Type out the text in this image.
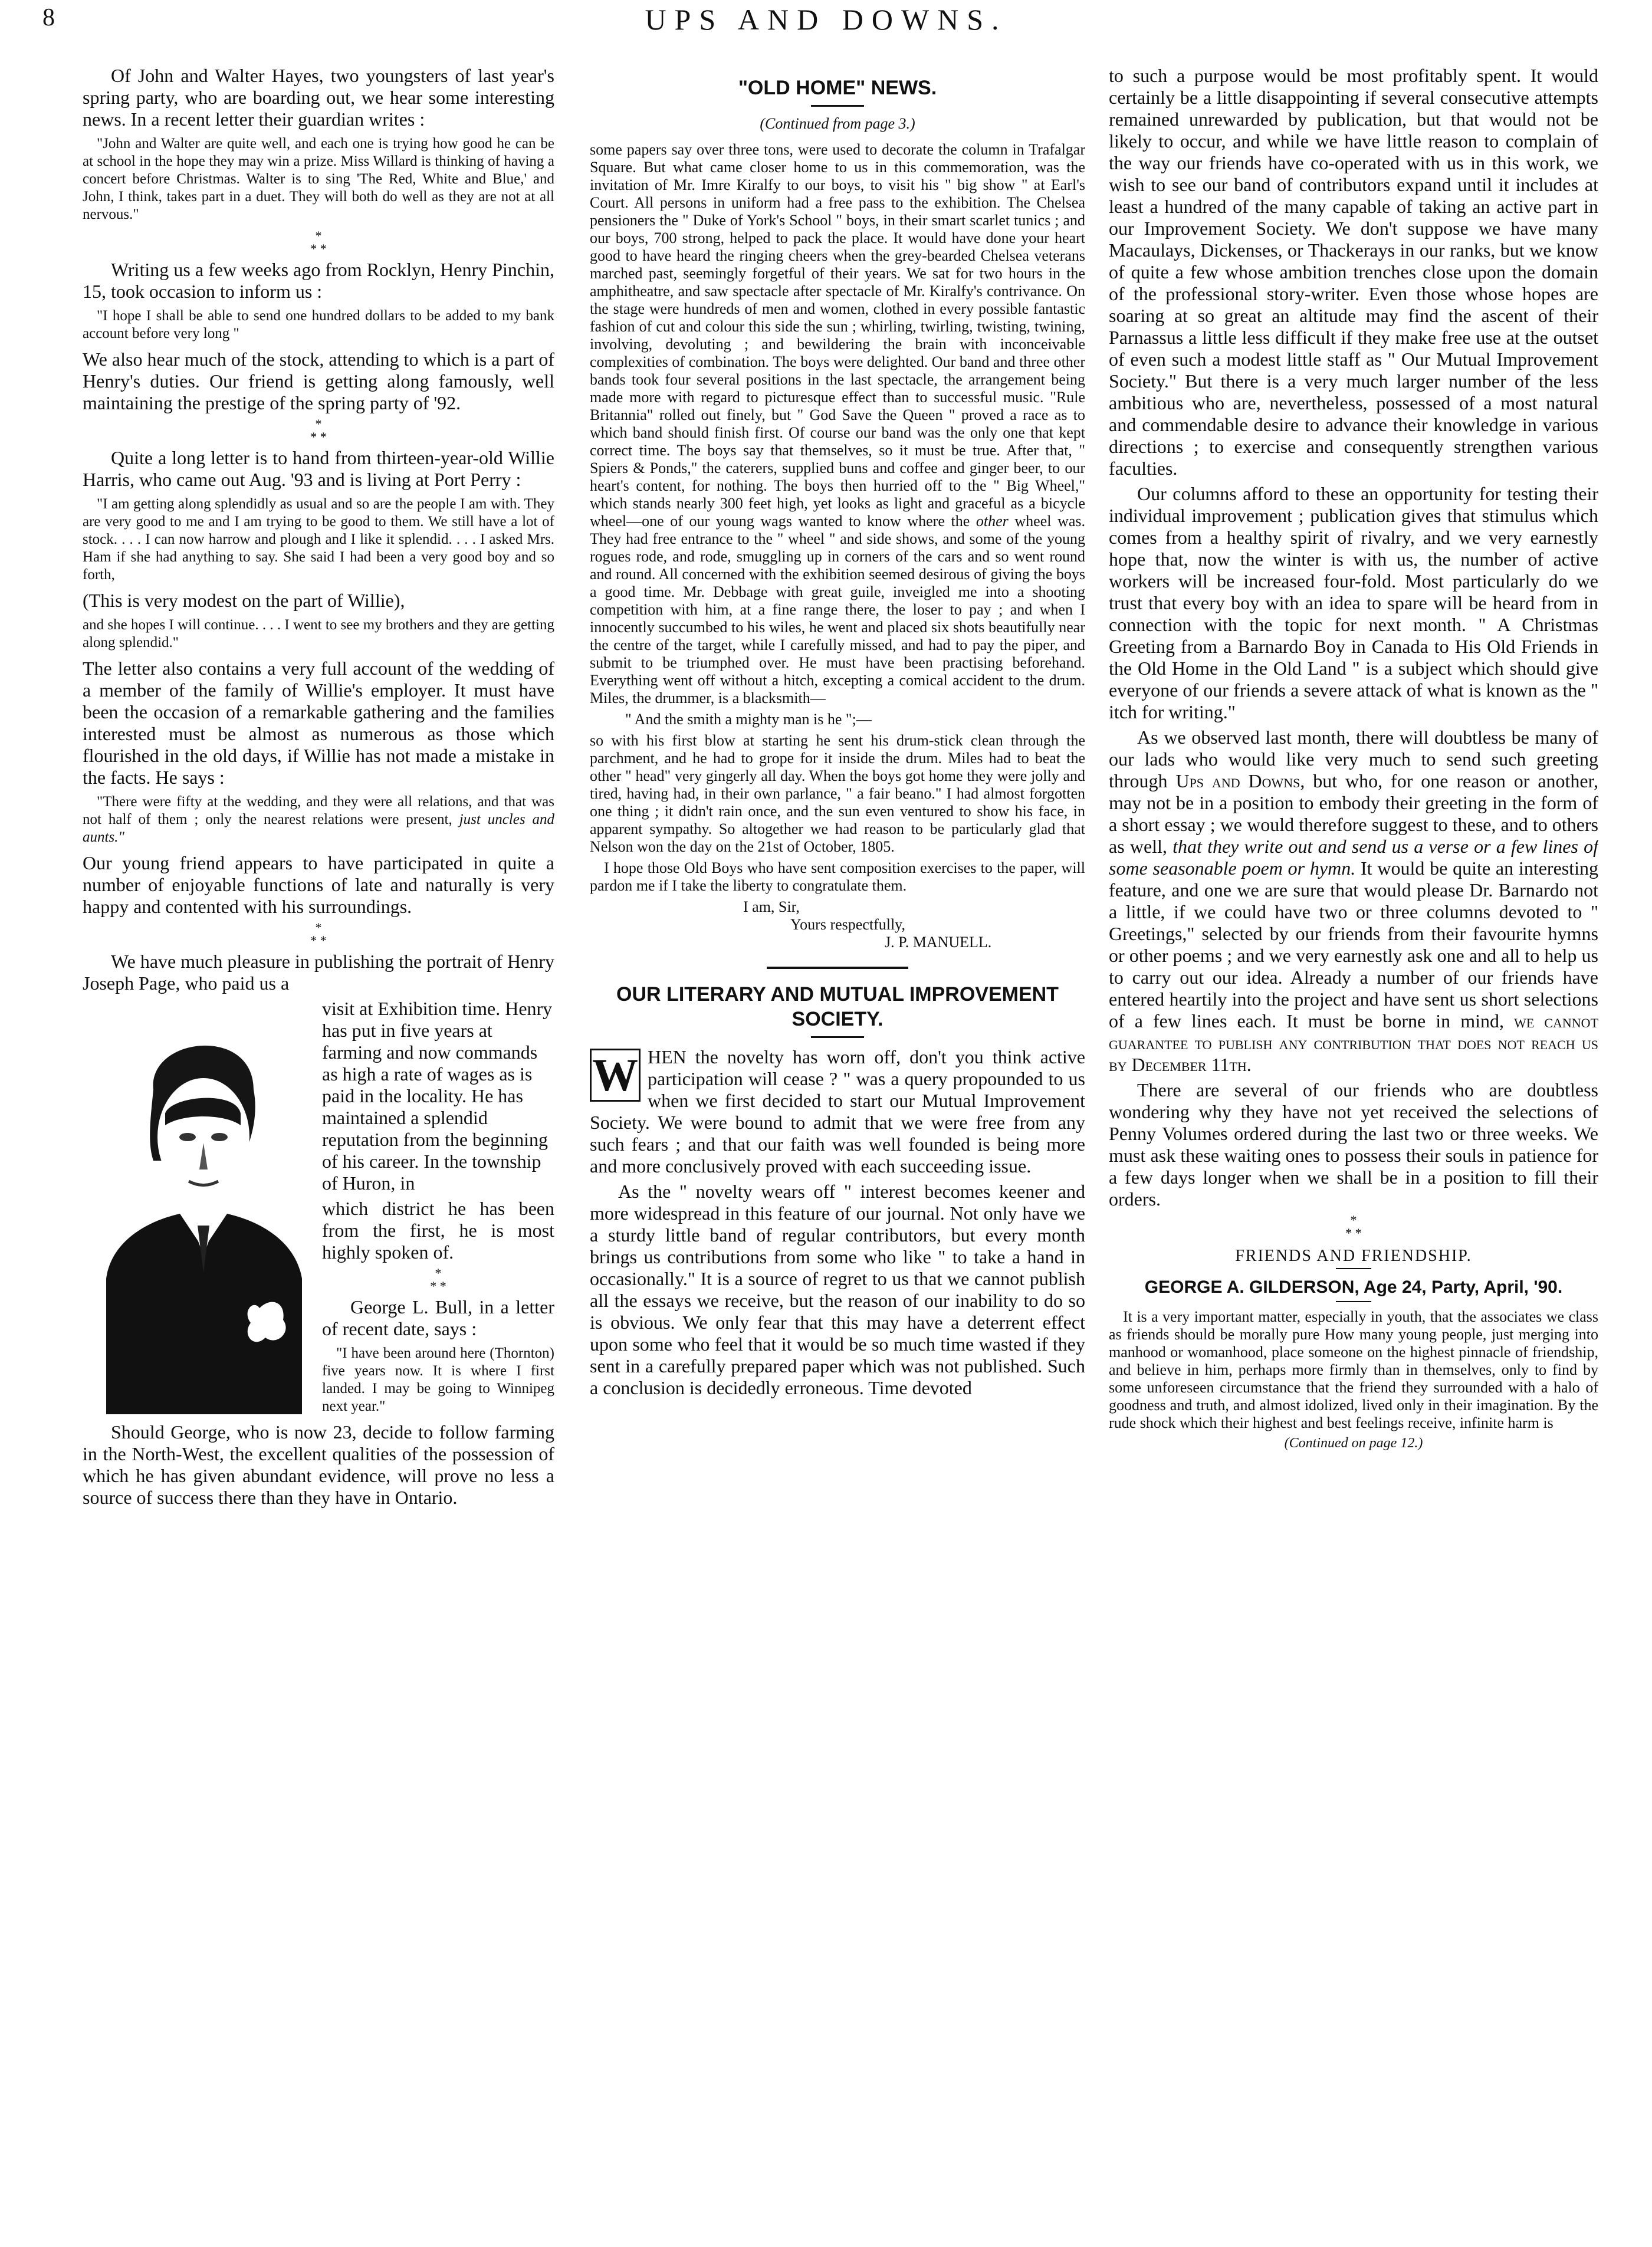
8	UPS AND DOWNS.

Of John and Walter Hayes, two youngsters of last year's spring party, who are boarding out, we hear some interesting news. In a recent letter their guardian writes :

"John and Walter are quite well, and each one is trying how good he can be at school in the hope they may win a prize. Miss Willard is thinking of having a concert before Christmas. Walter is to sing 'The Red, White and Blue,' and John, I think, takes part in a duet. They will both do well as they are not at all nervous."

*
* *

Writing us a few weeks ago from Rocklyn, Henry Pinchin, 15, took occasion to inform us :

"I hope I shall be able to send one hundred dollars to be added to my bank account before very long "

We also hear much of the stock, attending to which is a part of Henry's duties. Our friend is getting along famously, well maintaining the prestige of the spring party of '92.

*
* *

Quite a long letter is to hand from thirteen-year-old Willie Harris, who came out Aug. '93 and is living at Port Perry :

"I am getting along splendidly as usual and so are the people I am with. They are very good to me and I am trying to be good to them. We still have a lot of stock. . . . I can now harrow and plough and I like it splendid. . . . I asked Mrs. Ham if she had anything to say. She said I had been a very good boy and so forth,

(This is very modest on the part of Willie),

and she hopes I will continue. . . . I went to see my brothers and they are getting along splendid."

The letter also contains a very full account of the wedding of a member of the family of Willie's employer. It must have been the occasion of a remarkable gathering and the families interested must be almost as numerous as those which flourished in the old days, if Willie has not made a mistake in the facts. He says :

"There were fifty at the wedding, and they were all relations, and that was not half of them ; only the nearest relations were present, just uncles and aunts."

Our young friend appears to have participated in quite a number of enjoyable functions of late and naturally is very happy and contented with his surroundings.

*
* *

We have much pleasure in publishing the portrait of Henry Joseph Page, who paid us a

visit at Exhibition time. Henry has put in five years at farming and now commands as high a rate of wages as is paid in the locality. He has maintained a splendid reputation from the beginning of his career. In the township of Huron, in

which district he has been from the first, he is most highly spoken of.

*
* *

George L. Bull, in a letter of recent date, says :

"I have been around here (Thornton) five years now. It is where I first landed. I may be going to Winnipeg next year."

Should George, who is now 23, decide to follow farming in the North-West, the excellent qualities of the possession of which he has given abundant evidence, will prove no less a source of success there than they have in Ontario.

"OLD HOME" NEWS.
(Continued from page 3.)

some papers say over three tons, were used to decorate the column in Trafalgar Square. But what came closer home to us in this commemoration, was the invitation of Mr. Imre Kiralfy to our boys, to visit his " big show " at Earl's Court. All persons in uniform had a free pass to the exhibition. The Chelsea pensioners the " Duke of York's School " boys, in their smart scarlet tunics ; and our boys, 700 strong, helped to pack the place. It would have done your heart good to have heard the ringing cheers when the grey-bearded Chelsea veterans marched past, seemingly forgetful of their years. We sat for two hours in the amphitheatre, and saw spectacle after spectacle of Mr. Kiralfy's contrivance. On the stage were hundreds of men and women, clothed in every possible fantastic fashion of cut and colour this side the sun ; whirling, twirling, twisting, twining, involving, devoluting ; and bewildering the brain with inconceivable complexities of combination. The boys were delighted. Our band and three other bands took four several positions in the last spectacle, the arrangement being made more with regard to picturesque effect than to successful music. "Rule Britannia" rolled out finely, but " God Save the Queen " proved a race as to which band should finish first. Of course our band was the only one that kept correct time. The boys say that themselves, so it must be true. After that, " Spiers & Ponds," the caterers, supplied buns and coffee and ginger beer, to our heart's content, for nothing. The boys then hurried off to the " Big Wheel," which stands nearly 300 feet high, yet looks as light and graceful as a bicycle wheel—one of our young wags wanted to know where the other wheel was. They had free entrance to the " wheel " and side shows, and some of the young rogues rode, and rode, smuggling up in corners of the cars and so went round and round. All concerned with the exhibition seemed desirous of giving the boys a good time. Mr. Debbage with great guile, inveigled me into a shooting competition with him, at a fine range there, the loser to pay ; and when I innocently succumbed to his wiles, he went and placed six shots beautifully near the centre of the target, while I carefully missed, and had to pay the piper, and submit to be triumphed over. He must have been practising beforehand. Everything went off without a hitch, excepting a comical accident to the drum. Miles, the drummer, is a blacksmith—

" And the smith a mighty man is he ";—

so with his first blow at starting he sent his drum-stick clean through the parchment, and he had to grope for it inside the drum. Miles had to beat the other " head" very gingerly all day. When the boys got home they were jolly and tired, having had, in their own parlance, " a fair beano." I had almost forgotten one thing ; it didn't rain once, and the sun even ventured to show his face, in apparent sympathy. So altogether we had reason to be particularly glad that Nelson won the day on the 21st of October, 1805.

I hope those Old Boys who have sent composition exercises to the paper, will pardon me if I take the liberty to congratulate them.

I am, Sir,

Yours respectfully,

J. P. MANUELL.

OUR LITERARY AND MUTUAL IMPROVEMENT SOCIETY.

W HEN the novelty has worn off, don't you think active participation will cease ? " was a query propounded to us when we first decided to start our Mutual Improvement Society. We were bound to admit that we were free from any such fears ; and that our faith was well founded is being more and more conclusively proved with each succeeding issue.

As the " novelty wears off " interest becomes keener and more widespread in this feature of our journal. Not only have we a sturdy little band of regular contributors, but every month brings us contributions from some who like " to take a hand in occasionally." It is a source of regret to us that we cannot publish all the essays we receive, but the reason of our inability to do so is obvious. We only fear that this may have a deterrent effect upon some who feel that it would be so much time wasted if they sent in a carefully prepared paper which was not published. Such a conclusion is decidedly erroneous. Time devoted

to such a purpose would be most profitably spent. It would certainly be a little disappointing if several consecutive attempts remained unrewarded by publication, but that would not be likely to occur, and while we have little reason to complain of the way our friends have co-operated with us in this work, we wish to see our band of contributors expand until it includes at least a hundred of the many capable of taking an active part in our Improvement Society. We don't suppose we have many Macaulays, Dickenses, or Thackerays in our ranks, but we know of quite a few whose ambition trenches close upon the domain of the professional story-writer. Even those whose hopes are soaring at so great an altitude may find the ascent of their Parnassus a little less difficult if they make free use at the outset of even such a modest little staff as " Our Mutual Improvement Society." But there is a very much larger number of the less ambitious who are, nevertheless, possessed of a most natural and commendable desire to advance their knowledge in various directions ; to exercise and consequently strengthen various faculties.

Our columns afford to these an opportunity for testing their individual improvement ; publication gives that stimulus which comes from a healthy spirit of rivalry, and we very earnestly hope that, now the winter is with us, the number of active workers will be increased four-fold. Most particularly do we trust that every boy with an idea to spare will be heard from in connection with the topic for next month. " A Christmas Greeting from a Barnardo Boy in Canada to His Old Friends in the Old Home in the Old Land " is a subject which should give everyone of our friends a severe attack of what is known as the " itch for writing."

As we observed last month, there will doubtless be many of our lads who would like very much to send such greeting through Ups and Downs, but who, for one reason or another, may not be in a position to embody their greeting in the form of a short essay ; we would therefore suggest to these, and to others as well, that they write out and send us a verse or a few lines of some seasonable poem or hymn. It would be quite an interesting feature, and one we are sure that would please Dr. Barnardo not a little, if we could have two or three columns devoted to " Greetings," selected by our friends from their favourite hymns or other poems ; and we very earnestly ask one and all to help us to carry out our idea. Already a number of our friends have entered heartily into the project and have sent us short selections of a few lines each. It must be borne in mind, we cannot guarantee to publish any contribution that does not reach us by December 11th.

There are several of our friends who are doubtless wondering why they have not yet received the selections of Penny Volumes ordered during the last two or three weeks. We must ask these waiting ones to possess their souls in patience for a few days longer when we shall be in a position to fill their orders.

*
* *
FRIENDS AND FRIENDSHIP.
GEORGE A. GILDERSON, Age 24, Party, April, '90.

It is a very important matter, especially in youth, that the associates we class as friends should be morally pure How many young people, just merging into manhood or womanhood, place someone on the highest pinnacle of friendship, and believe in him, perhaps more firmly than in themselves, only to find by some unforeseen circumstance that the friend they surrounded with a halo of goodness and truth, and almost idolized, lived only in their imagination. By the rude shock which their highest and best feelings receive, infinite harm is

(Continued on page 12.)
